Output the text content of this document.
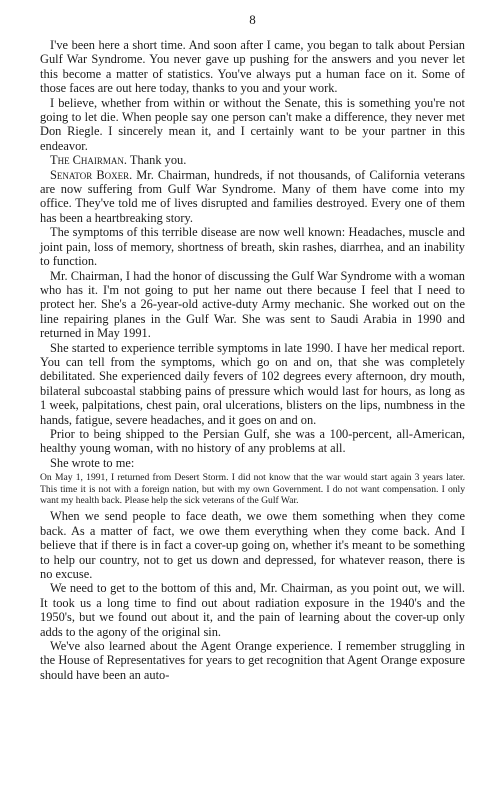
8

I've been here a short time. And soon after I came, you began to talk about Persian Gulf War Syndrome. You never gave up pushing for the answers and you never let this become a matter of statistics. You've always put a human face on it. Some of those faces are out here today, thanks to you and your work.

I believe, whether from within or without the Senate, this is something you're not going to let die. When people say one person can't make a difference, they never met Don Riegle. I sincerely mean it, and I certainly want to be your partner in this endeavor.

The Chairman. Thank you.

Senator Boxer. Mr. Chairman, hundreds, if not thousands, of California veterans are now suffering from Gulf War Syndrome. Many of them have come into my office. They've told me of lives disrupted and families destroyed. Every one of them has been a heartbreaking story.

The symptoms of this terrible disease are now well known: Headaches, muscle and joint pain, loss of memory, shortness of breath, skin rashes, diarrhea, and an inability to function.

Mr. Chairman, I had the honor of discussing the Gulf War Syndrome with a woman who has it. I'm not going to put her name out there because I feel that I need to protect her. She's a 26-year-old active-duty Army mechanic. She worked out on the line repairing planes in the Gulf War. She was sent to Saudi Arabia in 1990 and returned in May 1991.

She started to experience terrible symptoms in late 1990. I have her medical report. You can tell from the symptoms, which go on and on, that she was completely debilitated. She experienced daily fevers of 102 degrees every afternoon, dry mouth, bilateral subcoastal stabbing pains of pressure which would last for hours, as long as 1 week, palpitations, chest pain, oral ulcerations, blisters on the lips, numbness in the hands, fatigue, severe headaches, and it goes on and on.

Prior to being shipped to the Persian Gulf, she was a 100-percent, all-American, healthy young woman, with no history of any problems at all.

She wrote to me:

On May 1, 1991, I returned from Desert Storm. I did not know that the war would start again 3 years later. This time it is not with a foreign nation, but with my own Government. I do not want compensation. I only want my health back. Please help the sick veterans of the Gulf War.

When we send people to face death, we owe them something when they come back. As a matter of fact, we owe them everything when they come back. And I believe that if there is in fact a cover-up going on, whether it's meant to be something to help our country, not to get us down and depressed, for whatever reason, there is no excuse.

We need to get to the bottom of this and, Mr. Chairman, as you point out, we will. It took us a long time to find out about radiation exposure in the 1940's and the 1950's, but we found out about it, and the pain of learning about the cover-up only adds to the agony of the original sin.

We've also learned about the Agent Orange experience. I remember struggling in the House of Representatives for years to get recognition that Agent Orange exposure should have been an auto-
